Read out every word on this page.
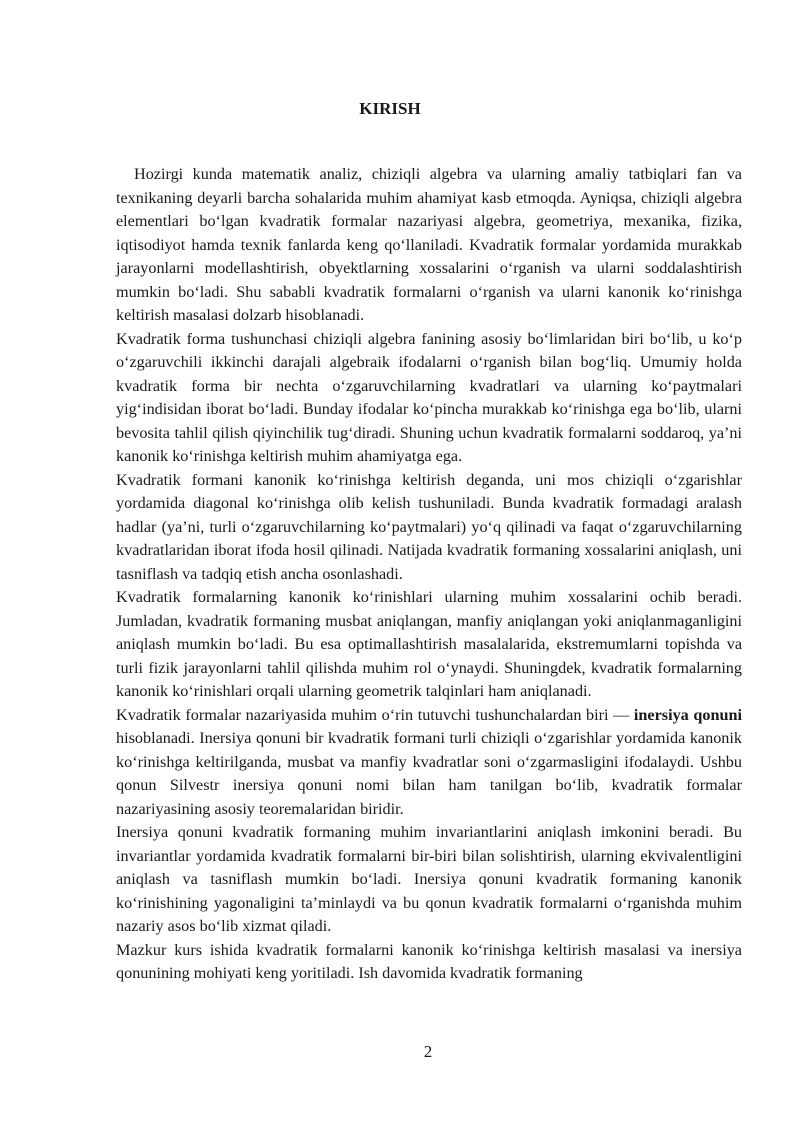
KIRISH

Hozirgi kunda matematik analiz, chiziqli algebra va ularning amaliy tatbiqlari fan va texnikaning deyarli barcha sohalarida muhim ahamiyat kasb etmoqda. Ayniqsa, chiziqli algebra elementlari bo‘lgan kvadratik formalar nazariyasi algebra, geometriya, mexanika, fizika, iqtisodiyot hamda texnik fanlarda keng qo‘llaniladi. Kvadratik formalar yordamida murakkab jarayonlarni modellashtirish, obyektlarning xossalarini o‘rganish va ularni soddalashtirish mumkin bo‘ladi. Shu sababli kvadratik formalarni o‘rganish va ularni kanonik ko‘rinishga keltirish masalasi dolzarb hisoblanadi.

Kvadratik forma tushunchasi chiziqli algebra fanining asosiy bo‘limlaridan biri bo‘lib, u ko‘p o‘zgaruvchili ikkinchi darajali algebraik ifodalarni o‘rganish bilan bog‘liq. Umumiy holda kvadratik forma bir nechta o‘zgaruvchilarning kvadratlari va ularning ko‘paytmalari yig‘indisidan iborat bo‘ladi. Bunday ifodalar ko‘pincha murakkab ko‘rinishga ega bo‘lib, ularni bevosita tahlil qilish qiyinchilik tug‘diradi. Shuning uchun kvadratik formalarni soddaroq, ya’ni kanonik ko‘rinishga keltirish muhim ahamiyatga ega.

Kvadratik formani kanonik ko‘rinishga keltirish deganda, uni mos chiziqli o‘zgarishlar yordamida diagonal ko‘rinishga olib kelish tushuniladi. Bunda kvadratik formadagi aralash hadlar (ya’ni, turli o‘zgaruvchilarning ko‘paytmalari) yo‘q qilinadi va faqat o‘zgaruvchilarning kvadratlaridan iborat ifoda hosil qilinadi. Natijada kvadratik formaning xossalarini aniqlash, uni tasniflash va tadqiq etish ancha osonlashadi.

Kvadratik formalarning kanonik ko‘rinishlari ularning muhim xossalarini ochib beradi. Jumladan, kvadratik formaning musbat aniqlangan, manfiy aniqlangan yoki aniqlanmaganligini aniqlash mumkin bo‘ladi. Bu esa optimallashtirish masalalarida, ekstremumlarni topishda va turli fizik jarayonlarni tahlil qilishda muhim rol o‘ynaydi. Shuningdek, kvadratik formalarning kanonik ko‘rinishlari orqali ularning geometrik talqinlari ham aniqlanadi.

Kvadratik formalar nazariyasida muhim o‘rin tutuvchi tushunchalardan biri — inersiya qonuni hisoblanadi. Inersiya qonuni bir kvadratik formani turli chiziqli o‘zgarishlar yordamida kanonik ko‘rinishga keltirilganda, musbat va manfiy kvadratlar soni o‘zgarmasligini ifodalaydi. Ushbu qonun Silvestr inersiya qonuni nomi bilan ham tanilgan bo‘lib, kvadratik formalar nazariyasining asosiy teoremalaridan biridir.

Inersiya qonuni kvadratik formaning muhim invariantlarini aniqlash imkonini beradi. Bu invariantlar yordamida kvadratik formalarni bir-biri bilan solishtirish, ularning ekvivalentligini aniqlash va tasniflash mumkin bo‘ladi. Inersiya qonuni kvadratik formaning kanonik ko‘rinishining yagonaligini ta’minlaydi va bu qonun kvadratik formalarni o‘rganishda muhim nazariy asos bo‘lib xizmat qiladi.

Mazkur kurs ishida kvadratik formalarni kanonik ko‘rinishga keltirish masalasi va inersiya qonunining mohiyati keng yoritiladi. Ish davomida kvadratik formaning

2
